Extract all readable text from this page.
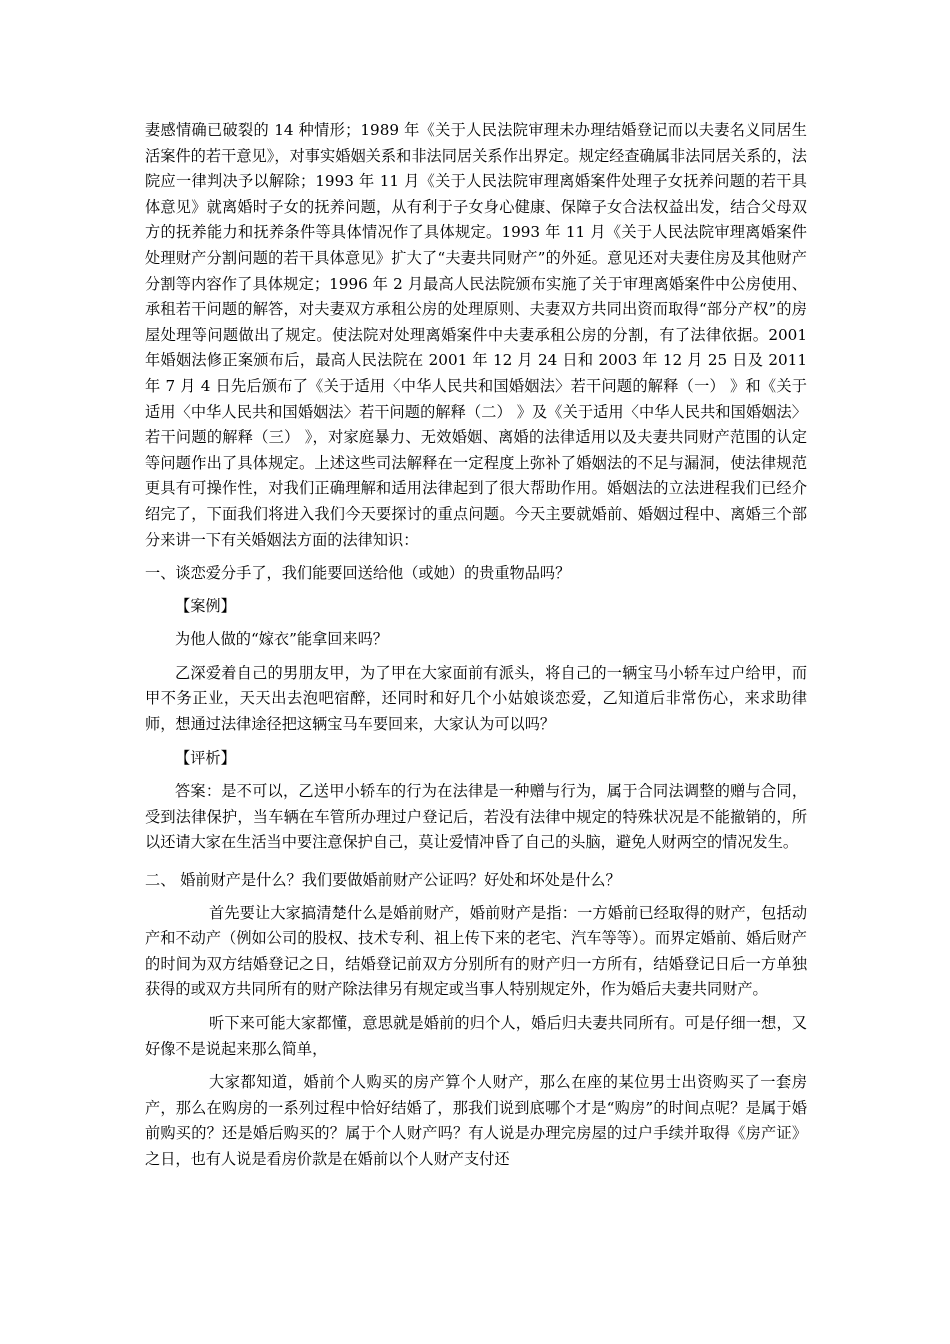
妻感情确已破裂的 14 种情形；1989 年《关于人民法院审理未办理结婚登记而以夫妻名义同居生活案件的若干意见》，对事实婚姻关系和非法同居关系作出界定。规定经查确属非法同居关系的，法院应一律判决予以解除；1993 年 11 月《关于人民法院审理离婚案件处理子女抚养问题的若干具体意见》就离婚时子女的抚养问题，从有利于子女身心健康、保障子女合法权益出发，结合父母双方的抚养能力和抚养条件等具体情况作了具体规定。1993 年 11 月《关于人民法院审理离婚案件处理财产分割问题的若干具体意见》扩大了“夫妻共同财产”的外延。意见还对夫妻住房及其他财产分割等内容作了具体规定；1996 年 2 月最高人民法院颁布实施了关于审理离婚案件中公房使用、承租若干问题的解答，对夫妻双方承租公房的处理原则、夫妻双方共同出资而取得“部分产权”的房屋处理等问题做出了规定。使法院对处理离婚案件中夫妻承租公房的分割，有了法律依据。2001 年婚姻法修正案颁布后，最高人民法院在 2001 年 12 月 24 日和 2003 年 12 月 25 日及 2011 年 7 月 4 日先后颁布了《关于适用〈中华人民共和国婚姻法〉若干问题的解释（一） 》和《关于适用〈中华人民共和国婚姻法〉若干问题的解释（二） 》及《关于适用〈中华人民共和国婚姻法〉若干问题的解释（三） 》，对家庭暴力、无效婚姻、离婚的法律适用以及夫妻共同财产范围的认定等问题作出了具体规定。上述这些司法解释在一定程度上弥补了婚姻法的不足与漏洞，使法律规范更具有可操作性，对我们正确理解和适用法律起到了很大帮助作用。婚姻法的立法进程我们已经介绍完了，下面我们将进入我们今天要探讨的重点问题。今天主要就婚前、婚姻过程中、离婚三个部分来讲一下有关婚姻法方面的法律知识：

一、谈恋爱分手了，我们能要回送给他（或她）的贵重物品吗？

【案例】

为他人做的“嫁衣”能拿回来吗？

乙深爱着自己的男朋友甲，为了甲在大家面前有派头，将自己的一辆宝马小轿车过户给甲，而甲不务正业，天天出去泡吧宿醉，还同时和好几个小姑娘谈恋爱，乙知道后非常伤心，来求助律师，想通过法律途径把这辆宝马车要回来，大家认为可以吗？

【评析】

答案：是不可以，乙送甲小轿车的行为在法律是一种赠与行为，属于合同法调整的赠与合同，受到法律保护，当车辆在车管所办理过户登记后，若没有法律中规定的特殊状况是不能撤销的，所以还请大家在生活当中要注意保护自己，莫让爱情冲昏了自己的头脑，避免人财两空的情况发生。

二、 婚前财产是什么？我们要做婚前财产公证吗？好处和坏处是什么？

首先要让大家搞清楚什么是婚前财产，婚前财产是指：一方婚前已经取得的财产，包括动产和不动产（例如公司的股权、技术专利、祖上传下来的老宅、汽车等等）。而界定婚前、婚后财产的时间为双方结婚登记之日，结婚登记前双方分别所有的财产归一方所有，结婚登记日后一方单独获得的或双方共同所有的财产除法律另有规定或当事人特别规定外，作为婚后夫妻共同财产。

听下来可能大家都懂，意思就是婚前的归个人，婚后归夫妻共同所有。可是仔细一想，又好像不是说起来那么简单，

大家都知道，婚前个人购买的房产算个人财产，那么在座的某位男士出资购买了一套房产，那么在购房的一系列过程中恰好结婚了，那我们说到底哪个才是“购房”的时间点呢？是属于婚前购买的？还是婚后购买的？属于个人财产吗？有人说是办理完房屋的过户手续并取得《房产证》之日，也有人说是看房价款是在婚前以个人财产支付还
